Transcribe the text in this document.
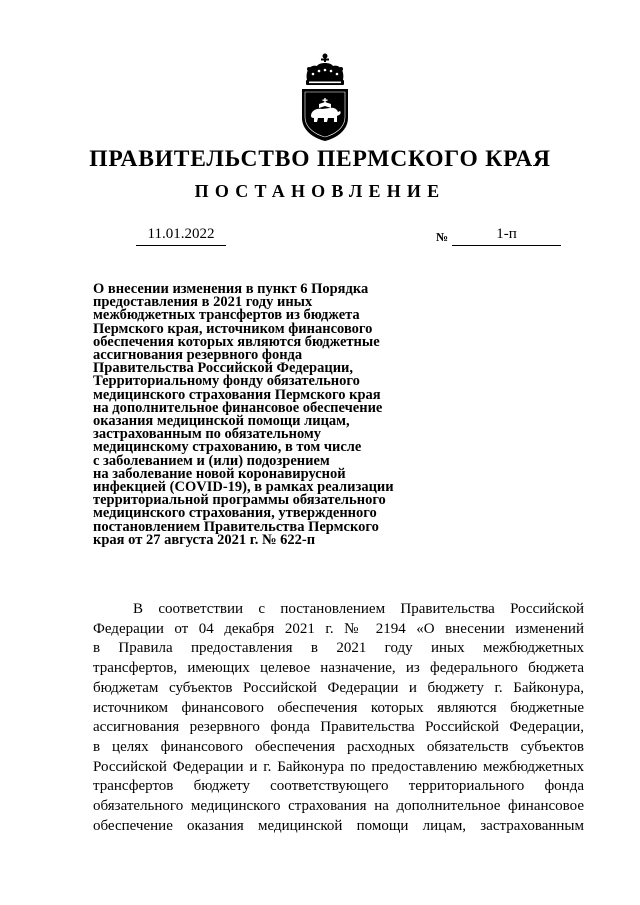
ПРАВИТЕЛЬСТВО ПЕРМСКОГО КРАЯ
ПОСТАНОВЛЕНИЕ
11.01.2022	№	1-п
О внесении изменения в пункт 6 Порядка
предоставления в 2021 году иных
межбюджетных трансфертов из бюджета
Пермского края, источником финансового
обеспечения которых являются бюджетные
ассигнования резервного фонда
Правительства Российской Федерации,
Территориальному фонду обязательного
медицинского страхования Пермского края
на дополнительное финансовое обеспечение
оказания медицинской помощи лицам,
застрахованным по обязательному
медицинскому страхованию, в том числе
с заболеванием и (или) подозрением
на заболевание новой коронавирусной
инфекцией (COVID-19), в рамках реализации
территориальной программы обязательного
медицинского страхования, утвержденного
постановлением Правительства Пермского
края от 27 августа 2021 г. № 622-п
В соответствии с постановлением Правительства Российской
Федерации от 04 декабря 2021 г. № 2194 «О внесении изменений
в Правила предоставления в 2021 году иных межбюджетных
трансфертов, имеющих целевое назначение, из федерального бюджета
бюджетам субъектов Российской Федерации и бюджету г. Байконура,
источником финансового обеспечения которых являются бюджетные
ассигнования резервного фонда Правительства Российской Федерации,
в целях финансового обеспечения расходных обязательств субъектов
Российской Федерации и г. Байконура по предоставлению межбюджетных
трансфертов бюджету соответствующего территориального фонда
обязательного медицинского страхования на дополнительное финансовое
обеспечение оказания медицинской помощи лицам, застрахованным
